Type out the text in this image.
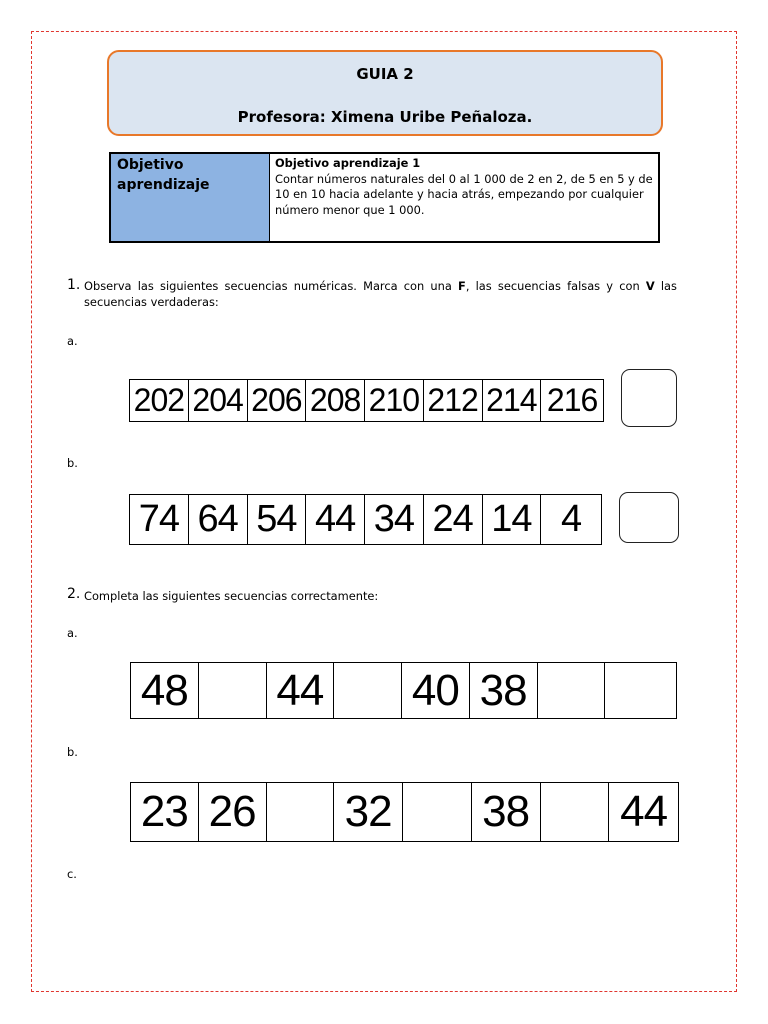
GUIA 2
Profesora: Ximena Uribe Peñaloza.
Objetivo
aprendizaje
Objetivo aprendizaje 1
Contar números naturales del 0 al 1 000 de 2 en 2, de 5 en 5 y de 10 en 10 hacia adelante y hacia atrás, empezando por cualquier número menor que 1 000.
1. Observa las siguientes secuencias numéricas. Marca con una F, las secuencias falsas y con V las secuencias verdaderas:
a.
202 204 206 208 210 212 214 216
b.
74 64 54 44 34 24 14 4
2. Completa las siguientes secuencias correctamente:
a.
48 44 40 38
b.
23 26 32 38 44
c.
